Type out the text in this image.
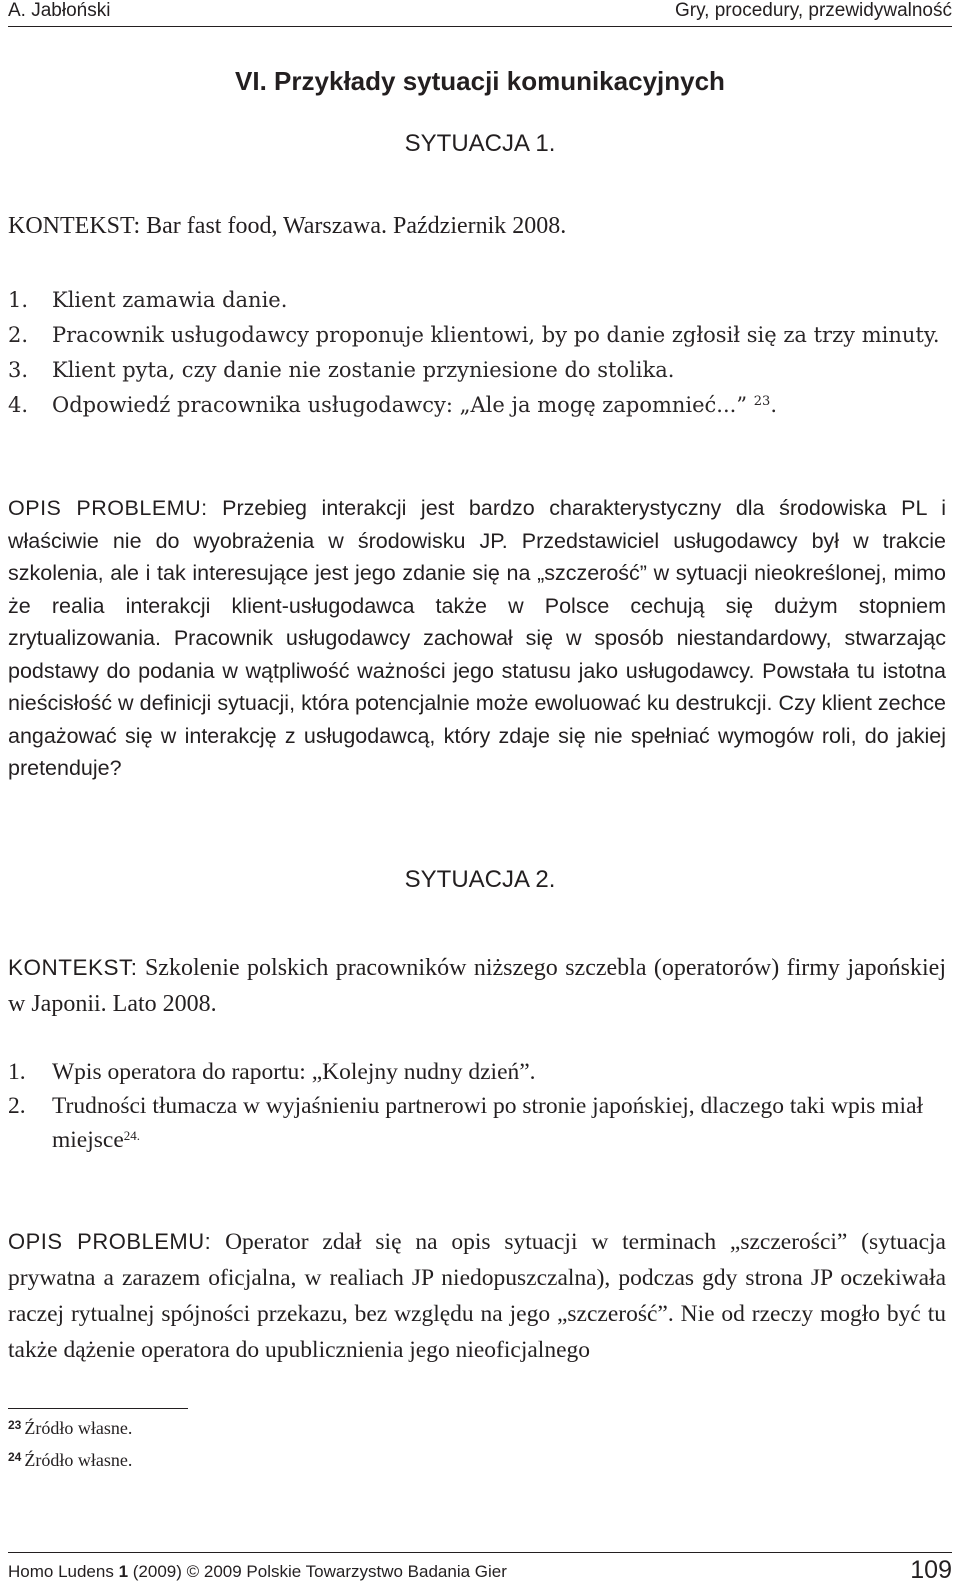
A. Jabłoński	Gry, procedury, przewidywalność
VI. Przykłady sytuacji komunikacyjnych
SYTUACJA 1.

KONTEKST: Bar fast food, Warszawa. Październik 2008.

1.	Klient zamawia danie.
2.	Pracownik usługodawcy proponuje klientowi, by po danie zgłosił się za trzy minuty.
3.	Klient pyta, czy danie nie zostanie przyniesione do stolika.
4.	Odpowiedź pracownika usługodawcy: „Ale ja mogę zapomnieć...” $^{23}$.

OPIS PROBLEMU: Przebieg interakcji jest bardzo charakterystyczny dla środowiska PL i właściwie nie do wyobrażenia w środowisku JP. Przedstawiciel usługodawcy był w trakcie szkolenia, ale i tak interesujące jest jego zdanie się na „szczerość” w sytuacji nieokreślonej, mimo że realia interakcji klient-usługodawca także w Polsce cechują się dużym stopniem zrytualizowania. Pracownik usługodawcy zachował się w sposób niestandardowy, stwarzając podstawy do podania w wątpliwość ważności jego statusu jako usługodawcy. Powstała tu istotna nieścisłość w definicji sytuacji, która potencjalnie może ewoluować ku destrukcji. Czy klient zechce angażować się w interakcję z usługodawcą, który zdaje się nie spełniać wymogów roli, do jakiej pretenduje?

SYTUACJA 2.

KONTEKST: Szkolenie polskich pracowników niższego szczebla (operatorów) firmy japońskiej w Japonii. Lato 2008.

1.	Wpis operatora do raportu: „Kolejny nudny dzień”.
2.	Trudności tłumacza w wyjaśnieniu partnerowi po stronie japońskiej, dlaczego taki wpis miał miejsce$^{24.}$

OPIS PROBLEMU: Operator zdał się na opis sytuacji w terminach „szczerości” (sytuacja prywatna a zarazem oficjalna, w realiach JP niedopuszczalna), podczas gdy strona JP oczekiwała raczej rytualnej spójności przekazu, bez względu na jego „szczerość”. Nie od rzeczy mogło być tu także dążenie operatora do upublicznienia jego nieoficjalnego

$^{23}$ Źródło własne.
$^{24}$ Źródło własne.
Homo Ludens 1 (2009) © 2009 Polskie Towarzystwo Badania Gier	109
